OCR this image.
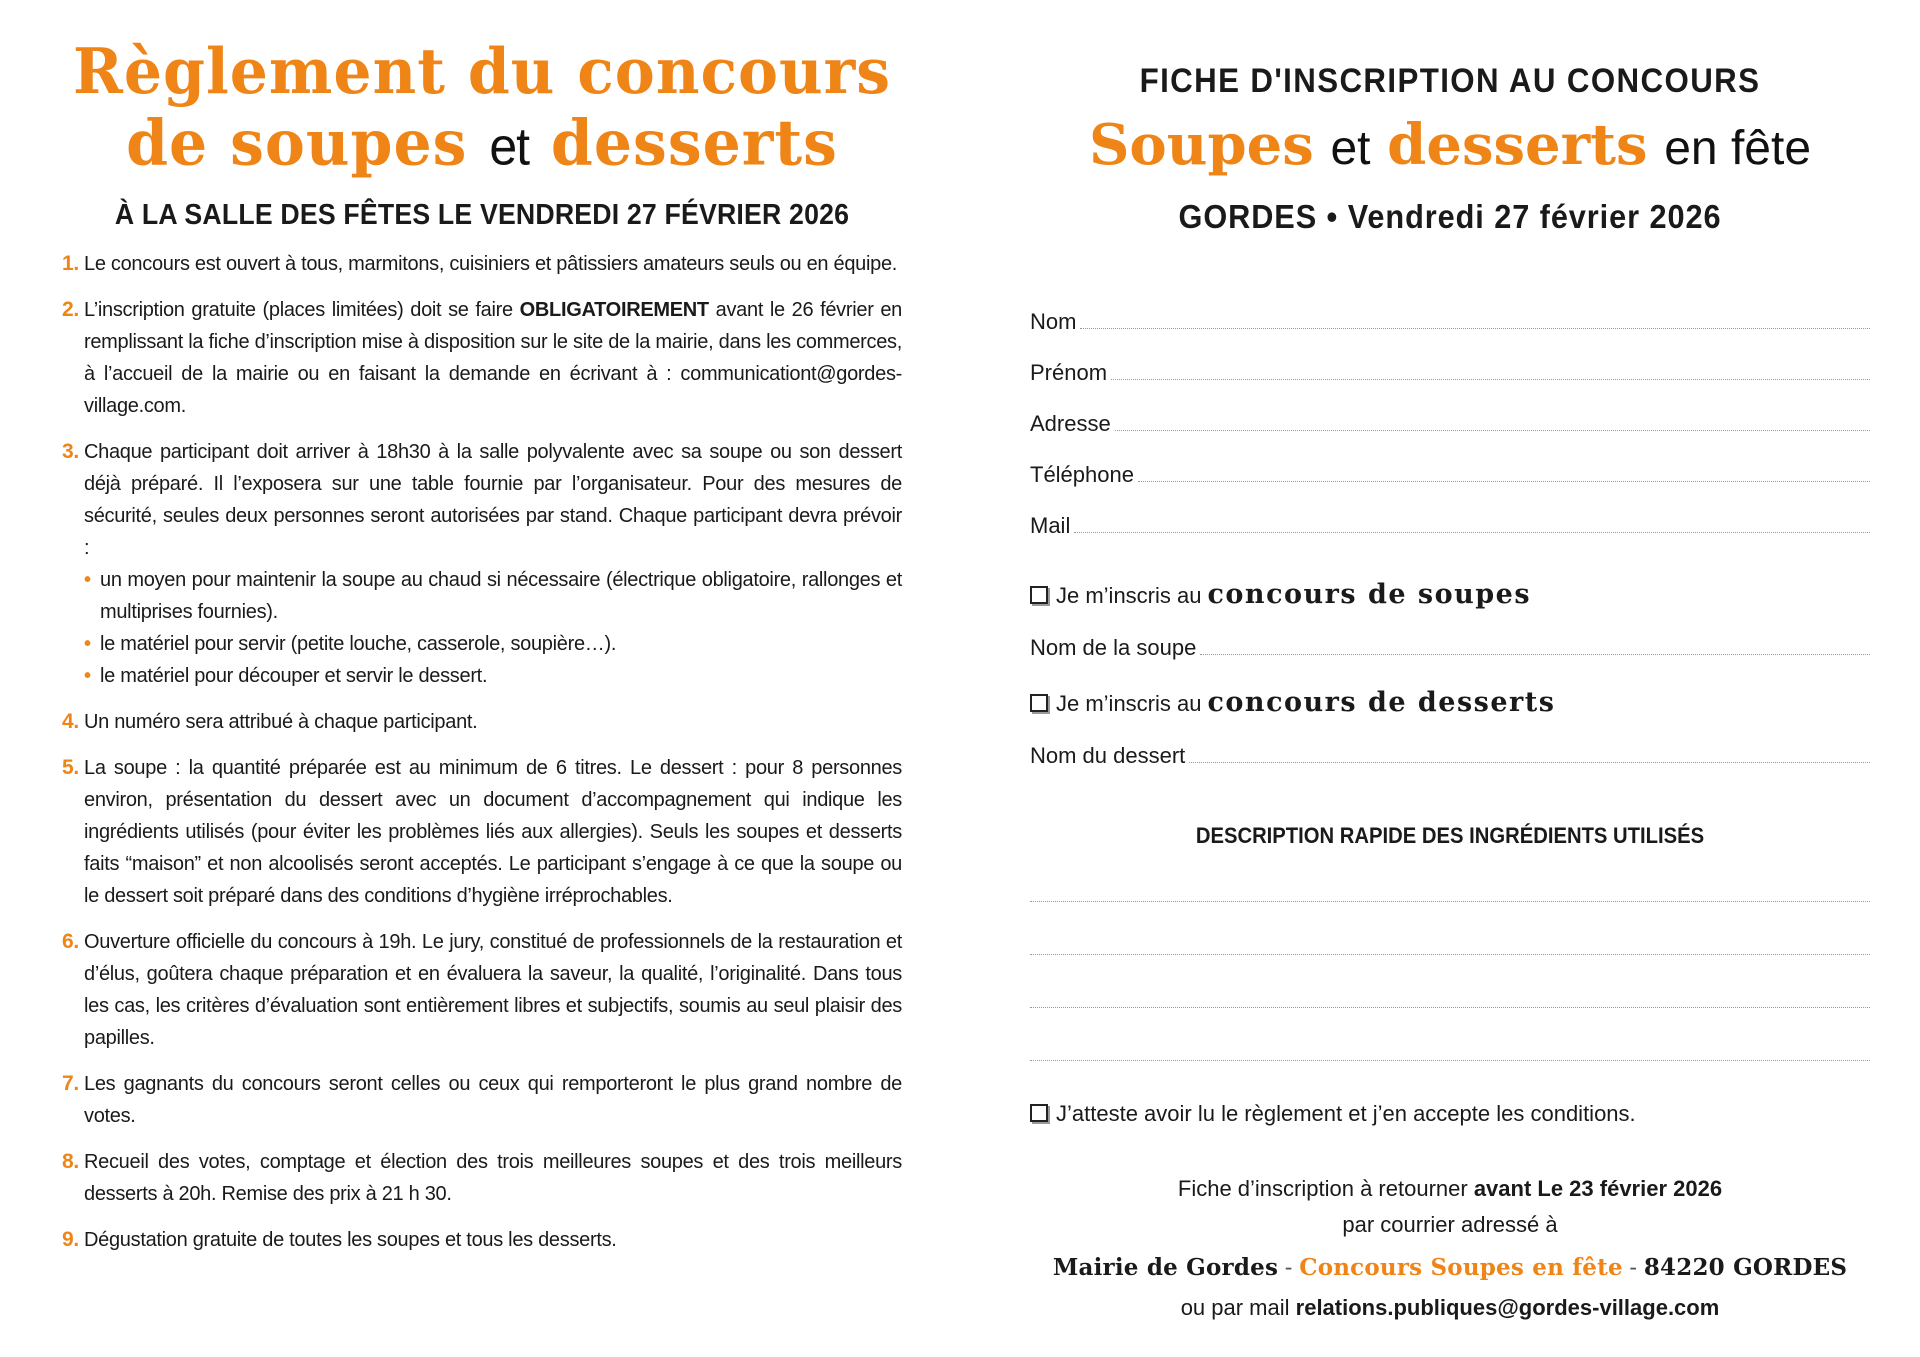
Règlement du concours
de soupes et desserts
À LA SALLE DES FÊTES LE VENDREDI 27 FÉVRIER 2026
1. Le concours est ouvert à tous, marmitons, cuisiniers et pâtissiers amateurs seuls ou en équipe.
2. L’inscription gratuite (places limitées) doit se faire OBLIGATOIREMENT avant le 26 février en remplissant la fiche d’inscription mise à disposition sur le site de la mairie, dans les commerces, à l’accueil de la mairie ou en faisant la demande en écrivant à : communicationt@gordes-village.com.
3. Chaque participant doit arriver à 18h30 à la salle polyvalente avec sa soupe ou son dessert déjà préparé. Il l’exposera sur une table fournie par l’organisateur. Pour des mesures de sécurité, seules deux personnes seront autorisées par stand. Chaque participant devra prévoir :
• un moyen pour maintenir la soupe au chaud si nécessaire (électrique obligatoire, rallonges et multiprises fournies).
• le matériel pour servir (petite louche, casserole, soupière…).
• le matériel pour découper et servir le dessert.
4. Un numéro sera attribué à chaque participant.
5. La soupe : la quantité préparée est au minimum de 6 titres. Le dessert : pour 8 personnes environ, présentation du dessert avec un document d’accompagnement qui indique les ingrédients utilisés (pour éviter les problèmes liés aux allergies). Seuls les soupes et desserts faits “maison” et non alcoolisés seront acceptés. Le participant s’engage à ce que la soupe ou le dessert soit préparé dans des conditions d’hygiène irréprochables.
6. Ouverture officielle du concours à 19h. Le jury, constitué de professionnels de la restauration et d’élus, goûtera chaque préparation et en évaluera la saveur, la qualité, l’originalité. Dans tous les cas, les critères d’évaluation sont entièrement libres et subjectifs, soumis au seul plaisir des papilles.
7. Les gagnants du concours seront celles ou ceux qui remporteront le plus grand nombre de votes.
8. Recueil des votes, comptage et élection des trois meilleures soupes et des trois meilleurs desserts à 20h. Remise des prix à 21 h 30.
9. Dégustation gratuite de toutes les soupes et tous les desserts.
FICHE D'INSCRIPTION AU CONCOURS
Soupes et desserts en fête
GORDES • Vendredi 27 février 2026
Nom
Prénom
Adresse
Téléphone
Mail
Je m’inscris au concours de soupes
Nom de la soupe
Je m’inscris au concours de desserts
Nom du dessert
DESCRIPTION RAPIDE DES INGRÉDIENTS UTILISÉS
J’atteste avoir lu le règlement et j’en accepte les conditions.
Fiche d’inscription à retourner avant Le 23 février 2026
par courrier adressé à
Mairie de Gordes - Concours Soupes en fête - 84220 GORDES
ou par mail relations.publiques@gordes-village.com
